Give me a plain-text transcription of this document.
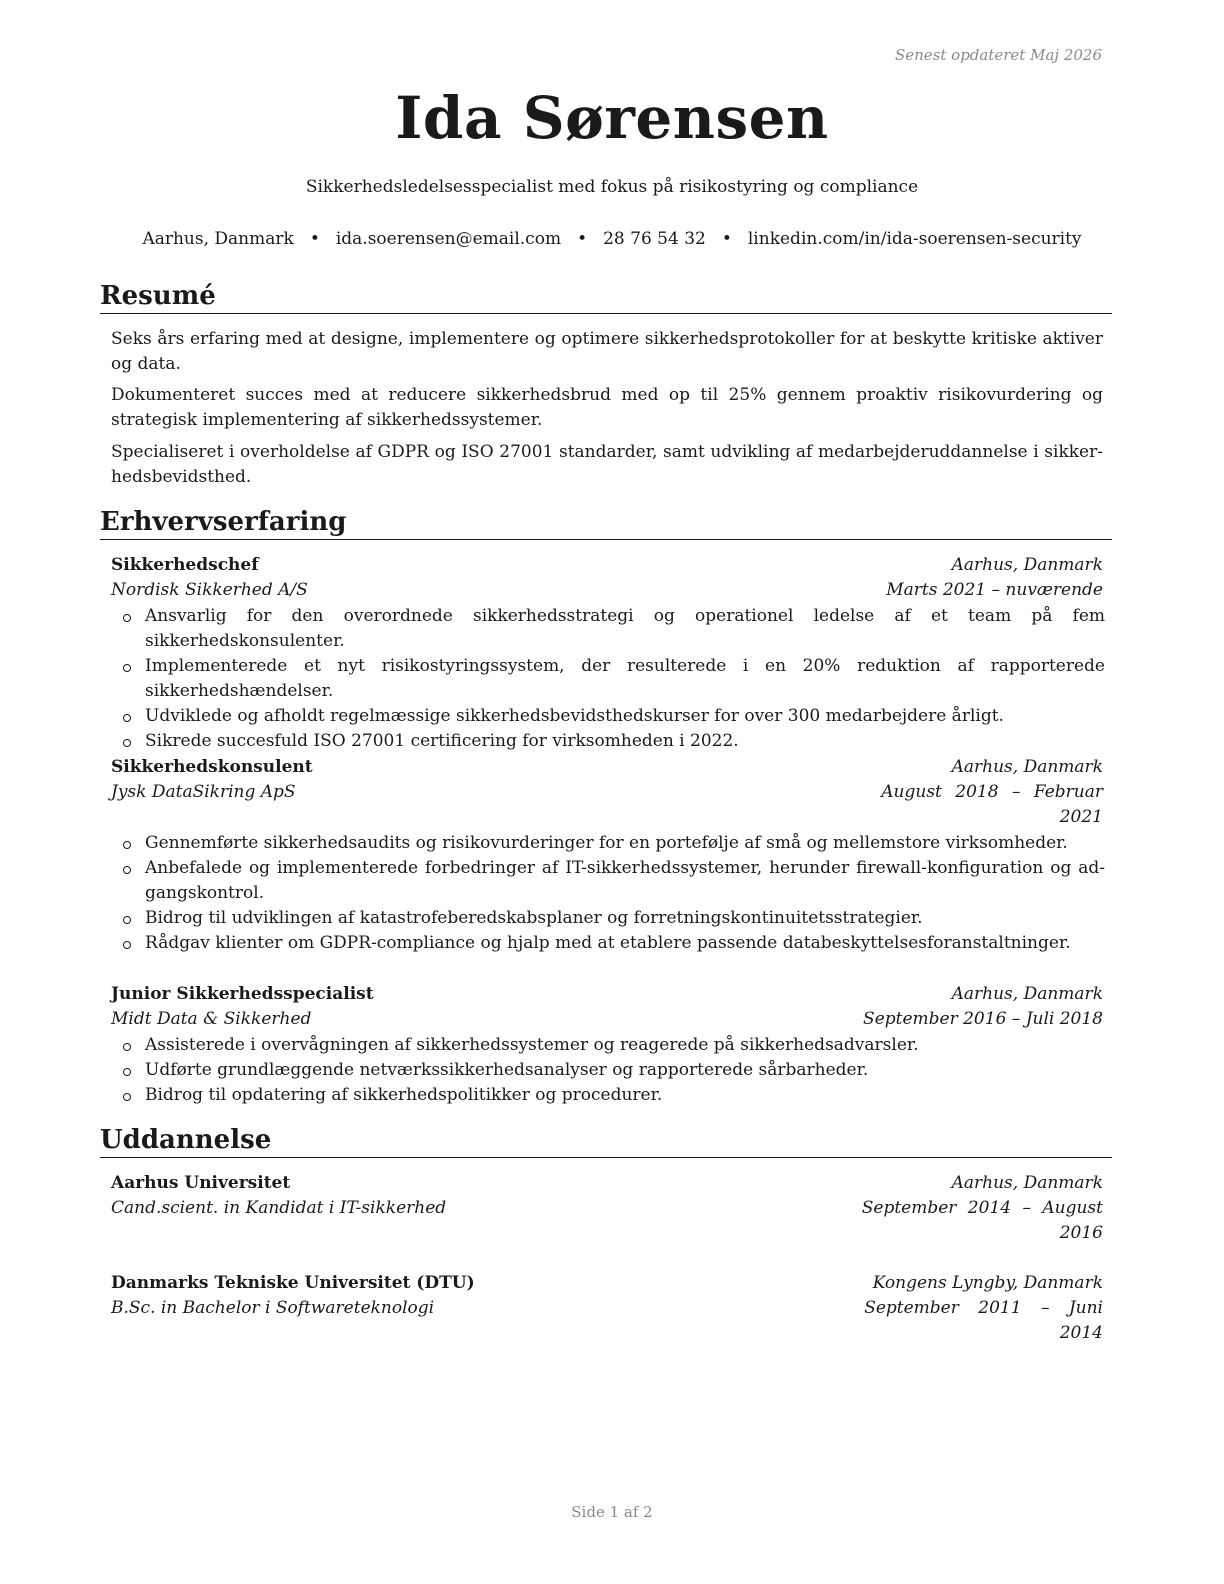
Senest opdateret Maj 2026
Ida Sørensen
Sikkerhedsledelsesspecialist med fokus på risikostyring og compliance
Aarhus, Danmark • ida.soerensen@email.com • 28 76 54 32 • linkedin.com/in/ida-soerensen-security
Resumé
Seks års erfaring med at designe, implementere og optimere sikkerhedsprotokoller for at beskytte kritiske aktiver og data.
Dokumenteret succes med at reducere sikkerhedsbrud med op til 25% gennem proaktiv risikovurdering og strategisk implementering af sikkerhedssystemer.
Specialiseret i overholdelse af GDPR og ISO 27001 standarder, samt udvikling af medarbejderuddannelse i sikkerhedsbevidsthed.
Erhvervserfaring
Sikkerhedschef	Aarhus, Danmark
Nordisk Sikkerhed A/S	Marts 2021 – nuværende
Ansvarlig for den overordnede sikkerhedsstrategi og operationel ledelse af et team på fem sikkerhedskonsulenter.
Implementerede et nyt risikostyringssystem, der resulterede i en 20% reduktion af rapporterede sikkerhedshændelser.
Udviklede og afholdt regelmæssige sikkerhedsbevidsthedskurser for over 300 medarbejdere årligt.
Sikrede succesfuld ISO 27001 certificering for virksomheden i 2022.
Sikkerhedskonsulent	Aarhus, Danmark
Jysk DataSikring ApS	August 2018 – Februar
2021
Gennemførte sikkerhedsaudits og risikovurderinger for en portefølje af små og mellemstore virksomheder.
Anbefalede og implementerede forbedringer af IT-sikkerhedssystemer, herunder firewall-konfiguration og adgangskontrol.
Bidrog til udviklingen af katastrofeberedskabsplaner og forretningskontinuitetsstrategier.
Rådgav klienter om GDPR-compliance og hjalp med at etablere passende databeskyttelsesforanstaltninger.
Junior Sikkerhedsspecialist	Aarhus, Danmark
Midt Data & Sikkerhed	September 2016 – Juli 2018
Assisterede i overvågningen af sikkerhedssystemer og reagerede på sikkerhedsadvarsler.
Udførte grundlæggende netværkssikkerhedsanalyser og rapporterede sårbarheder.
Bidrog til opdatering af sikkerhedspolitikker og procedurer.
Uddannelse
Aarhus Universitet	Aarhus, Danmark
Cand.scient. in Kandidat i IT-sikkerhed	September 2014 – August
2016
Danmarks Tekniske Universitet (DTU)	Kongens Lyngby, Danmark
B.Sc. in Bachelor i Softwareteknologi	September 2011 – Juni
2014
Side 1 af 2
